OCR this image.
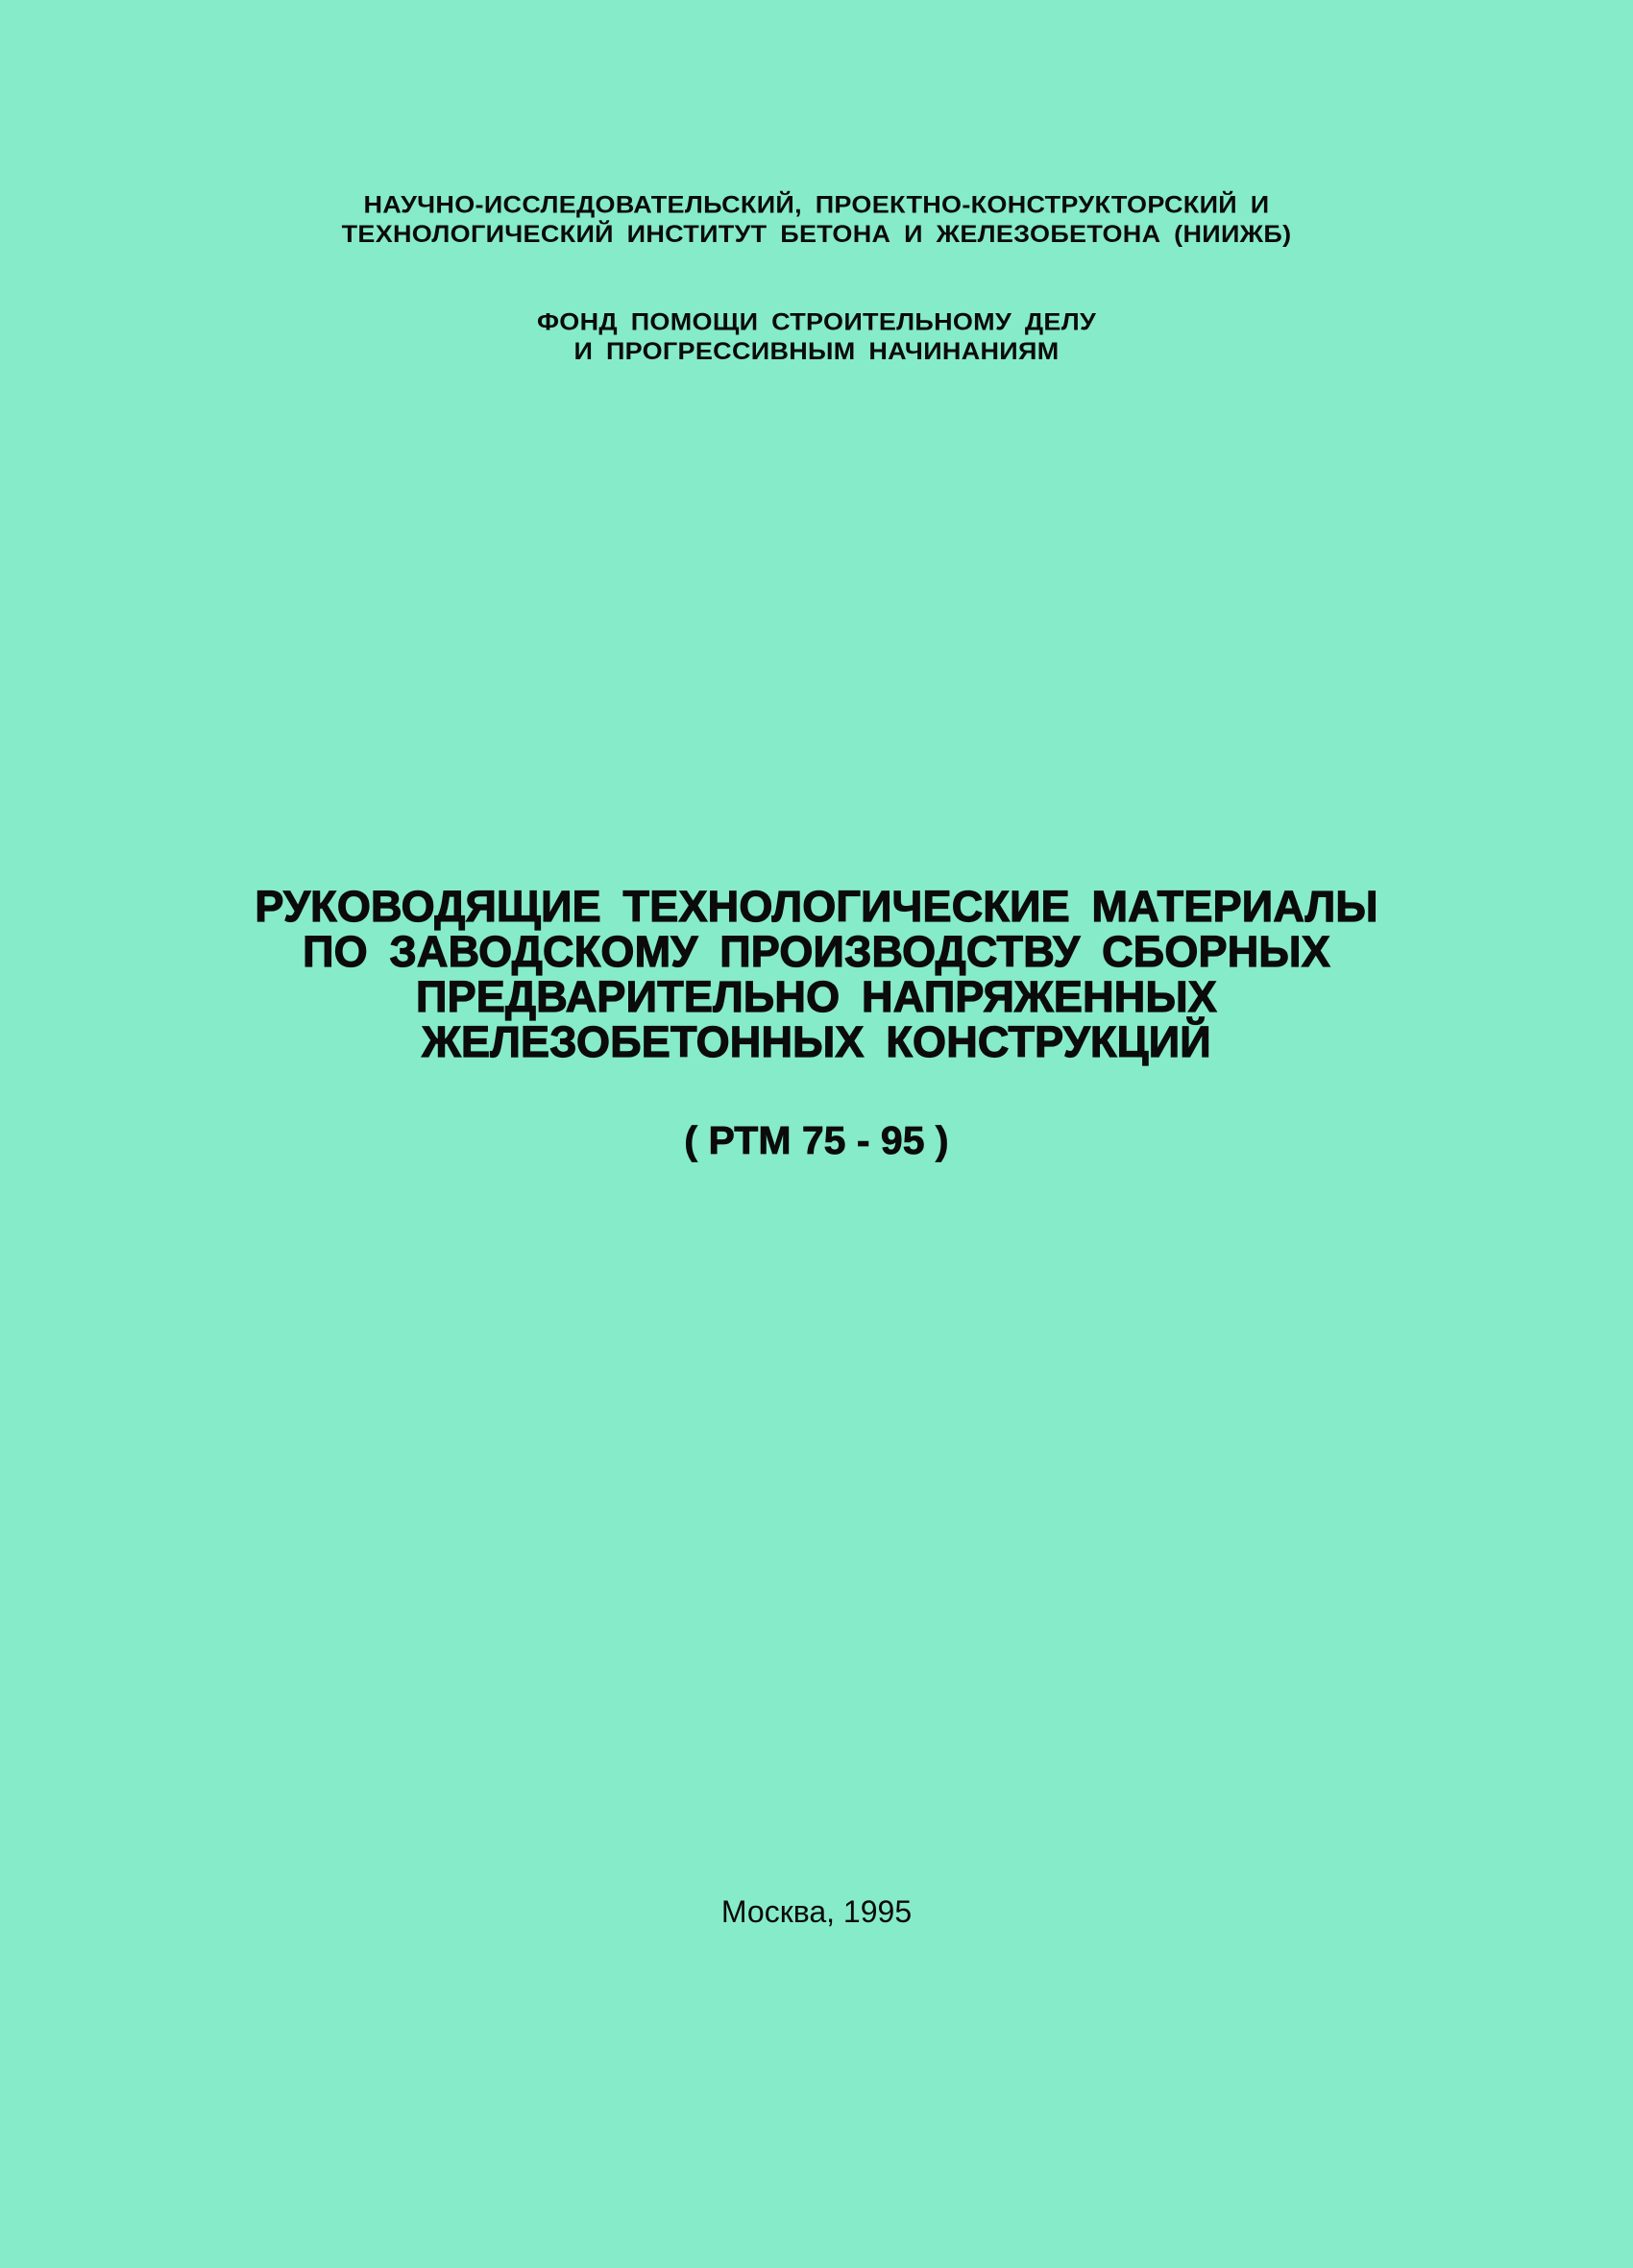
НАУЧНО-ИССЛЕДОВАТЕЛЬСКИЙ, ПРОЕКТНО-КОНСТРУКТОРСКИЙ И
ТЕХНОЛОГИЧЕСКИЙ ИНСТИТУТ БЕТОНА И ЖЕЛЕЗОБЕТОНА (НИИЖБ)
ФОНД ПОМОЩИ СТРОИТЕЛЬНОМУ ДЕЛУ
И ПРОГРЕССИВНЫМ НАЧИНАНИЯМ
РУКОВОДЯЩИЕ ТЕХНОЛОГИЧЕСКИЕ МАТЕРИАЛЫ
ПО ЗАВОДСКОМУ ПРОИЗВОДСТВУ СБОРНЫХ
ПРЕДВАРИТЕЛЬНО НАПРЯЖЕННЫХ
ЖЕЛЕЗОБЕТОННЫХ КОНСТРУКЦИЙ
( РТМ 75 - 95 )
Москва, 1995
